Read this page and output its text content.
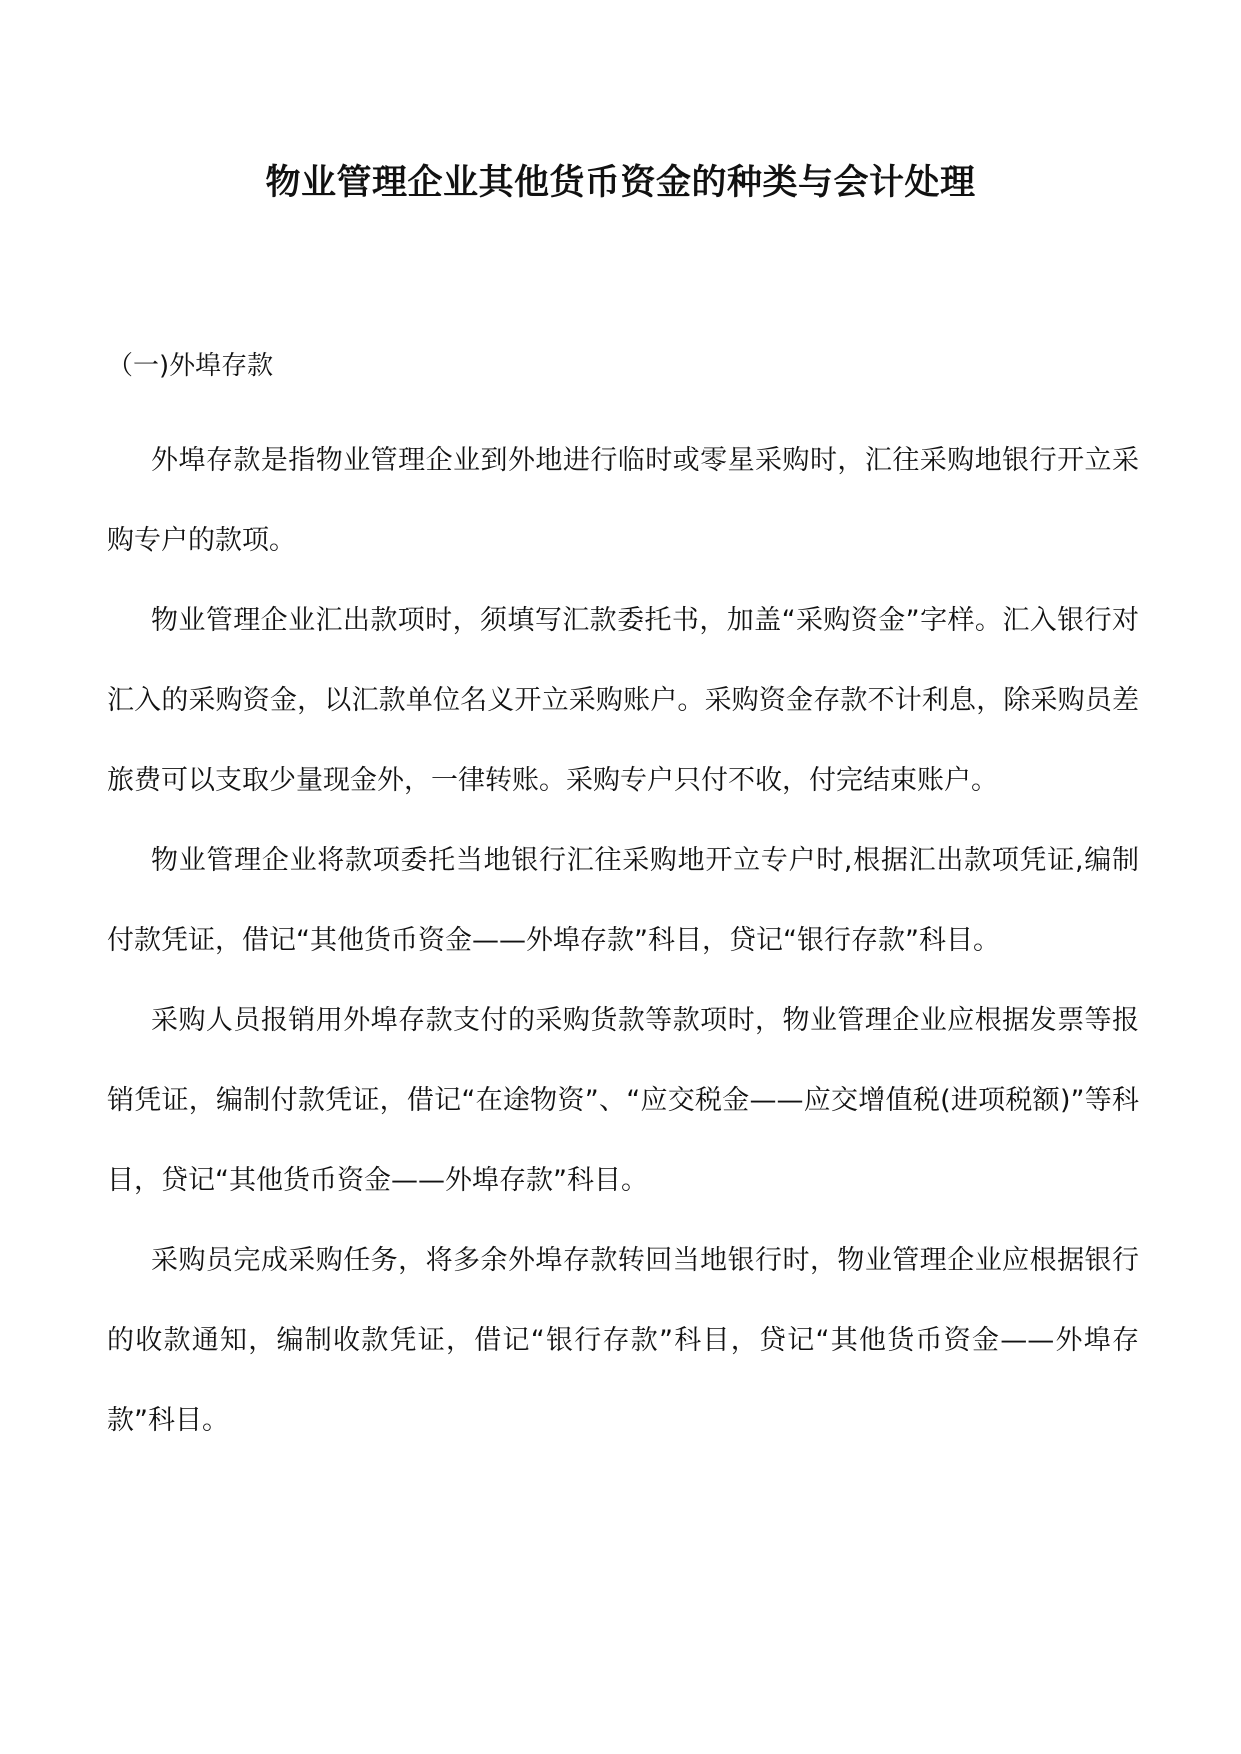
物业管理企业其他货币资金的种类与会计处理

（一)外埠存款

外埠存款是指物业管理企业到外地进行临时或零星采购时，汇往采购地银行开立采购专户的款项。

物业管理企业汇出款项时，须填写汇款委托书，加盖“采购资金”字样。汇入银行对汇入的采购资金，以汇款单位名义开立采购账户。采购资金存款不计利息，除采购员差旅费可以支取少量现金外，一律转账。采购专户只付不收，付完结束账户。

物业管理企业将款项委托当地银行汇往采购地开立专户时,根据汇出款项凭证,编制付款凭证，借记“其他货币资金——外埠存款”科目，贷记“银行存款”科目。

采购人员报销用外埠存款支付的采购货款等款项时，物业管理企业应根据发票等报销凭证，编制付款凭证，借记“在途物资”、“应交税金——应交增值税(进项税额)”等科目，贷记“其他货币资金——外埠存款”科目。

采购员完成采购任务，将多余外埠存款转回当地银行时，物业管理企业应根据银行的收款通知，编制收款凭证，借记“银行存款”科目，贷记“其他货币资金——外埠存款”科目。
